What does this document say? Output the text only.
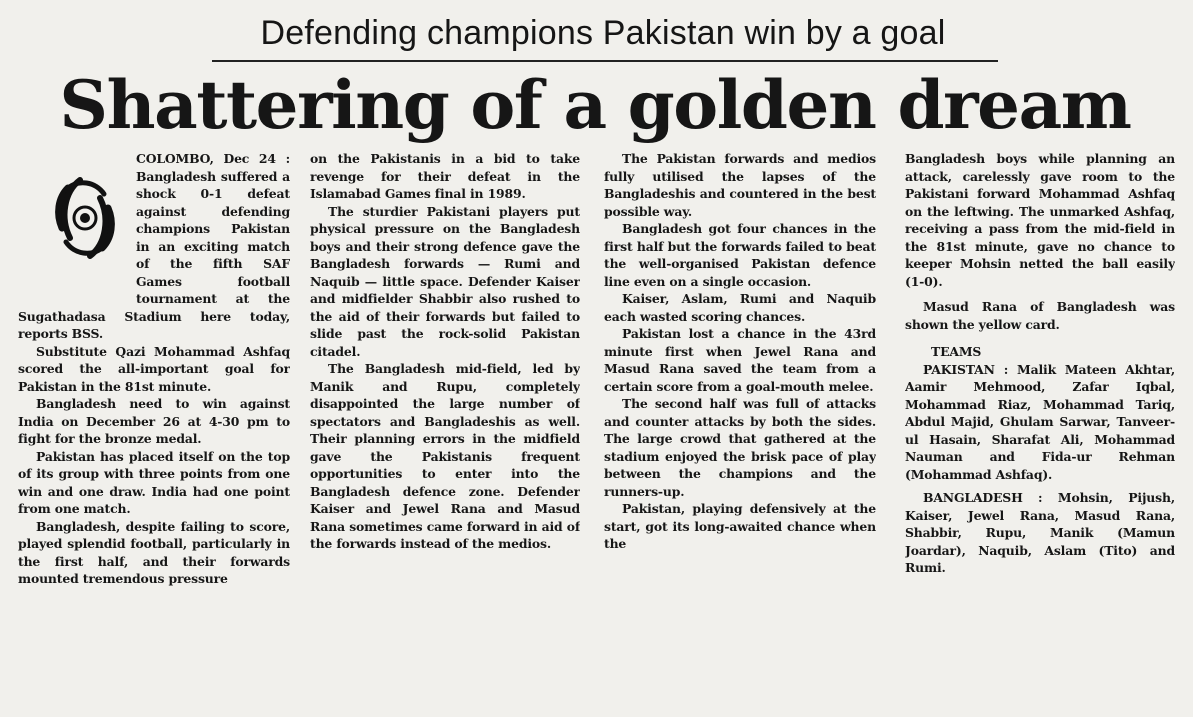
Defending champions Pakistan win by a goal
Shattering of a golden dream

COLOMBO, Dec 24 : Bangladesh suffered a shock 0-1 defeat against defending champions Pakistan in an exciting match of the fifth SAF Games football tournament at the Sugathadasa Stadium here today, reports BSS.

Substitute Qazi Mohammad Ashfaq scored the all-important goal for Pakistan in the 81st minute.

Bangladesh need to win against India on December 26 at 4-30 pm to fight for the bronze medal.

Pakistan has placed itself on the top of its group with three points from one win and one draw. India had one point from one match.

Bangladesh, despite failing to score, played splendid football, particularly in the first half, and their forwards mounted tremendous pressure

on the Pakistanis in a bid to take revenge for their defeat in the Islamabad Games final in 1989.

The sturdier Pakistani players put physical pressure on the Bangladesh boys and their strong defence gave the Bangladesh forwards — Rumi and Naquib — little space. Defender Kaiser and midfielder Shabbir also rushed to the aid of their forwards but failed to slide past the rock-solid Pakistan citadel.

The Bangladesh mid-field, led by Manik and Rupu, completely disappointed the large number of spectators and Bangladeshis as well. Their planning errors in the midfield gave the Pakistanis frequent opportunities to enter into the Bangladesh defence zone. Defender Kaiser and Jewel Rana and Masud Rana sometimes came forward in aid of the forwards instead of the medios.

The Pakistan forwards and medios fully utilised the lapses of the Bangladeshis and countered in the best possible way.

Bangladesh got four chances in the first half but the forwards failed to beat the well-organised Pakistan defence line even on a single occasion.

Kaiser, Aslam, Rumi and Naquib each wasted scoring chances.

Pakistan lost a chance in the 43rd minute first when Jewel Rana and Masud Rana saved the team from a certain score from a goal-mouth melee.

The second half was full of attacks and counter attacks by both the sides. The large crowd that gathered at the stadium enjoyed the brisk pace of play between the champions and the runners-up.

Pakistan, playing defensively at the start, got its long-awaited chance when the

Bangladesh boys while planning an attack, carelessly gave room to the Pakistani forward Mohammad Ashfaq on the leftwing. The unmarked Ashfaq, receiving a pass from the mid-field in the 81st minute, gave no chance to keeper Mohsin netted the ball easily (1-0).

Masud Rana of Bangladesh was shown the yellow card.

TEAMS

PAKISTAN : Malik Mateen Akhtar, Aamir Mehmood, Zafar Iqbal, Mohammad Riaz, Mohammad Tariq, Abdul Majid, Ghulam Sarwar, Tanveer-ul Hasain, Sharafat Ali, Mohammad Nauman and Fida-ur Rehman (Mohammad Ashfaq).

BANGLADESH : Mohsin, Pijush, Kaiser, Jewel Rana, Masud Rana, Shabbir, Rupu, Manik (Mamun Joardar), Naquib, Aslam (Tito) and Rumi.
